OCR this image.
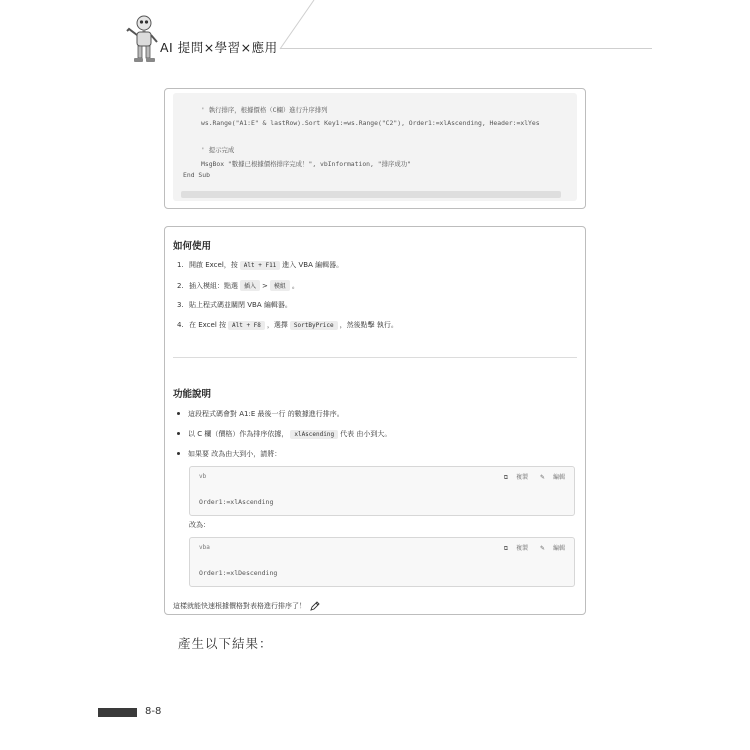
AI 提問×學習×應用
' 執行排序，根據價格（C欄）進行升序排列
ws.Range("A1:E" & lastRow).Sort Key1:=ws.Range("C2"), Order1:=xlAscending, Header:=xlYes
' 提示完成
MsgBox "數據已根據價格排序完成！", vbInformation, "排序成功"
End Sub
如何使用
1. 開啟 Excel，按 Alt + F11 進入 VBA 編輯器。
2. 插入模組：點選 插入 > 模組 。
3. 貼上程式碼並關閉 VBA 編輯器。
4. 在 Excel 按 Alt + F8 ，選擇 SortByPrice ，然後點擊 執行。
功能說明
這段程式碼會對 A1:E 最後一行 的數據進行排序。
以 C 欄（價格）作為排序依據， xlAscending 代表 由小到大。
如果要 改為由大到小，請將：
vb	⧉ 複製 ✎ 編輯
Order1:=xlAscending
改為：
vba	⧉ 複製 ✎ 編輯
Order1:=xlDescending
這樣就能快速根據價格對表格進行排序了！
產生以下結果：
8-8
